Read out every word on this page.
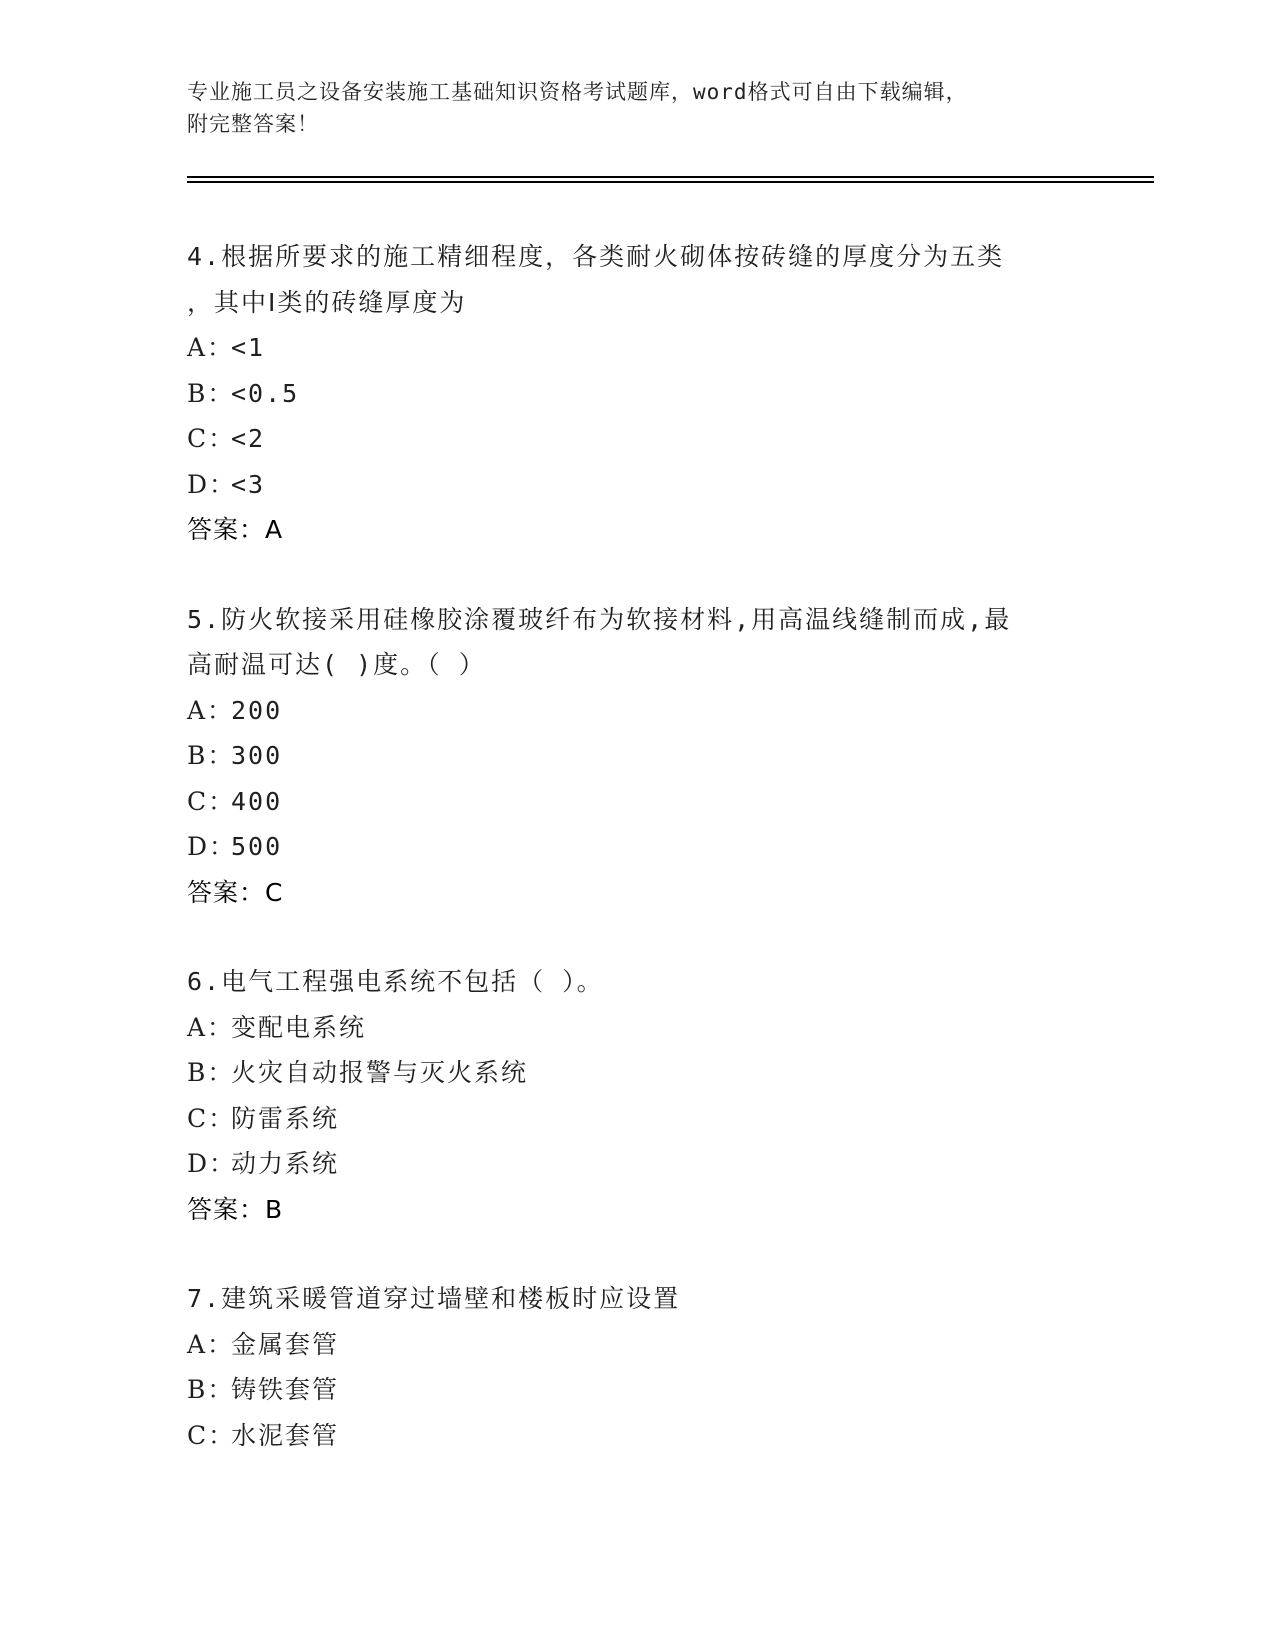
专业施工员之设备安装施工基础知识资格考试题库，word格式可自由下载编辑，
附完整答案！
4.根据所要求的施工精细程度，各类耐火砌体按砖缝的厚度分为五类
，其中Ⅰ类的砖缝厚度为
A：<1
B：<0.5
C：<2
D：<3
答案：A
5.防火软接采用硅橡胶涂覆玻纤布为软接材料,用高温线缝制而成,最
高耐温可达( )度。（ ）
A：200
B：300
C：400
D：500
答案：C
6.电气工程强电系统不包括（ ）。
A：变配电系统
B：火灾自动报警与灭火系统
C：防雷系统
D：动力系统
答案：B
7.建筑采暖管道穿过墙壁和楼板时应设置
A：金属套管
B：铸铁套管
C：水泥套管
